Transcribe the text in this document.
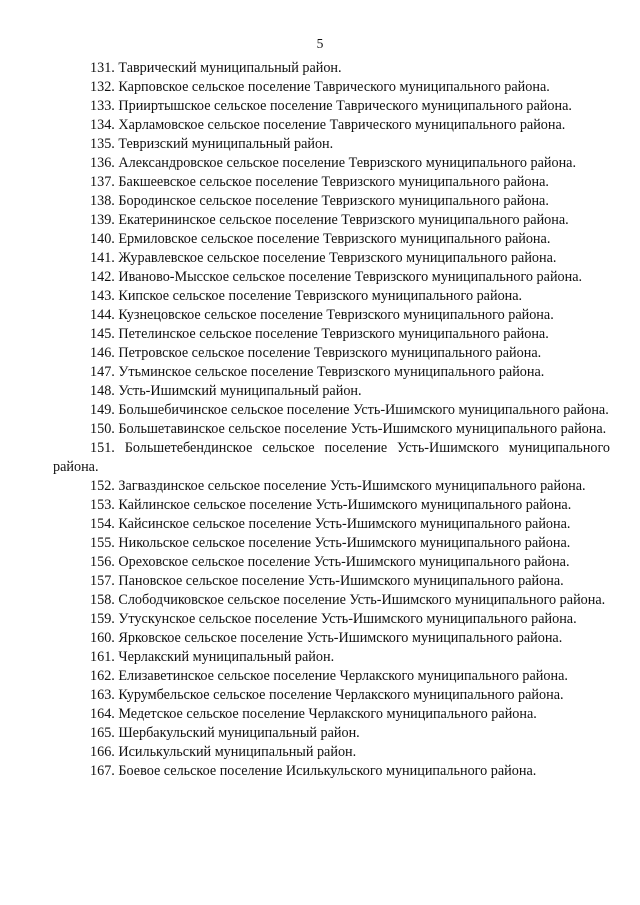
5

131. Таврический муниципальный район.

132. Карповское сельское поселение Таврического муниципального района.

133. Прииртышское сельское поселение Таврического муниципального района.

134. Харламовское сельское поселение Таврического муниципального района.

135. Тевризский муниципальный район.

136. Александровское сельское поселение Тевризского муниципального района.

137. Бакшеевское сельское поселение Тевризского муниципального района.

138. Бородинское сельское поселение Тевризского муниципального района.

139. Екатерининское сельское поселение Тевризского муниципального района.

140. Ермиловское сельское поселение Тевризского муниципального района.

141. Журавлевское сельское поселение Тевризского муниципального района.

142. Иваново-Мысское сельское поселение Тевризского муниципального района.

143. Кипское сельское поселение Тевризского муниципального района.

144. Кузнецовское сельское поселение Тевризского муниципального района.

145. Петелинское сельское поселение Тевризского муниципального района.

146. Петровское сельское поселение Тевризского муниципального района.

147. Утьминское сельское поселение Тевризского муниципального района.

148. Усть-Ишимский муниципальный район.

149. Большебичинское сельское поселение Усть-Ишимского муниципального района.

150. Большетавинское сельское поселение Усть-Ишимского муниципального района.

151. Большетебендинское сельское поселение Усть-Ишимского муниципального района.

152. Загваздинское сельское поселение Усть-Ишимского муниципального района.

153. Кайлинское сельское поселение Усть-Ишимского муниципального района.

154. Кайсинское сельское поселение Усть-Ишимского муниципального района.

155. Никольское сельское поселение Усть-Ишимского муниципального района.

156. Ореховское сельское поселение Усть-Ишимского муниципального района.

157. Пановское сельское поселение Усть-Ишимского муниципального района.

158. Слободчиковское сельское поселение Усть-Ишимского муниципального района.

159. Утускунское сельское поселение Усть-Ишимского муниципального района.

160. Ярковское сельское поселение Усть-Ишимского муниципального района.

161. Черлакский муниципальный район.

162. Елизаветинское сельское поселение Черлакского муниципального района.

163. Курумбельское сельское поселение Черлакского муниципального района.

164. Медетское сельское поселение Черлакского муниципального района.

165. Шербакульский муниципальный район.

166. Исилькульский муниципальный район.

167. Боевое сельское поселение Исилькульского муниципального района.
